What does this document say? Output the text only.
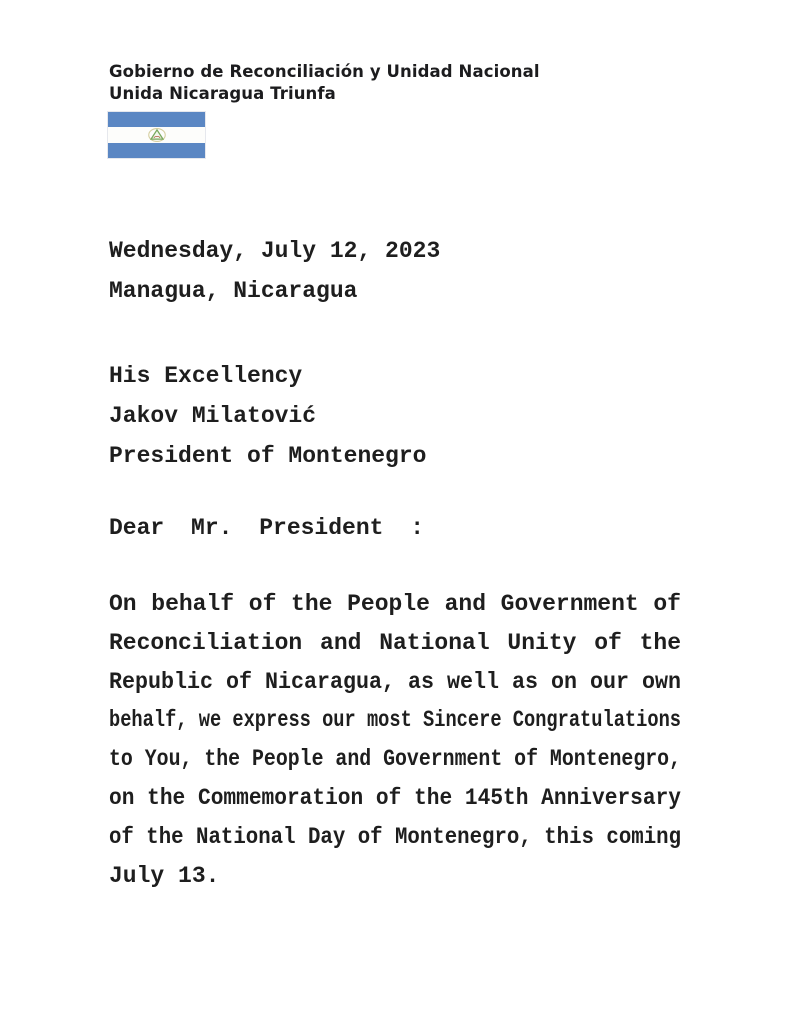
Gobierno de Reconciliación y Unidad Nacional
Unida Nicaragua Triunfa
Wednesday, July 12, 2023
Managua, Nicaragua
His Excellency
Jakov Milatović
President of Montenegro
Dear Mr. President :
On behalf of the People and Government of
Reconciliation and National Unity of the
Republic of Nicaragua, as well as on our own
behalf, we express our most Sincere Congratulations
to You, the People and Government of Montenegro,
on the Commemoration of the 145th Anniversary
of the National Day of Montenegro, this coming
July 13.
